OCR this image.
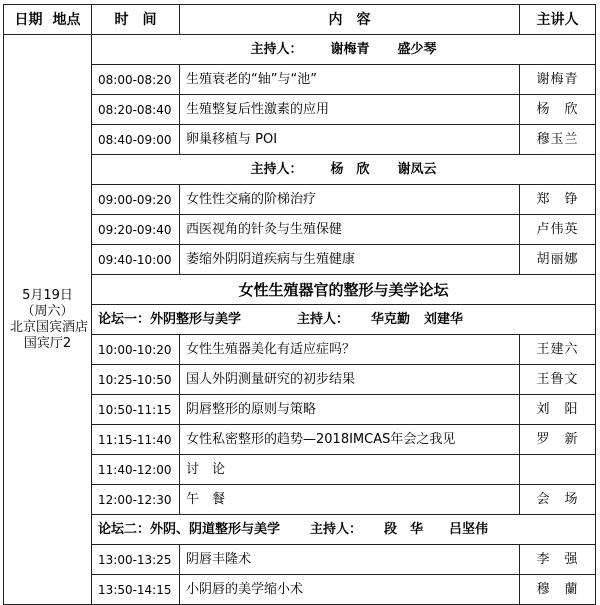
日期 地点	时　间	内　容	主讲人

5月19日
（周六）
北京国宾酒店
国宾厅2	主持人： 谢梅青 盛少琴		
	08:00-08:20	生殖衰老的“轴”与“池”	谢梅青
	08:20-08:40	生殖整复后性激素的应用	杨　欣
	08:40-09:00	卵巢移植与 POI	穆玉兰
	主持人： 杨　欣 谢凤云		
	09:00-09:20	女性性交痛的阶梯治疗	郑　铮
	09:20-09:40	西医视角的针灸与生殖保健	卢伟英
	09:40-10:00	萎缩外阴阴道疾病与生殖健康	胡丽娜
	女性生殖器官的整形与美学论坛		
	论坛一：外阴整形与美学 主持人： 华克勤 刘建华		
	10:00-10:20	女性生殖器美化有适应症吗？	王建六
	10:25-10:50	国人外阴测量研究的初步结果	王鲁文
	10:50-11:15	阴唇整形的原则与策略	刘　阳
	11:15-11:40	女性私密整形的趋势—2018IMCAS年会之我见	罗　新
	11:40-12:00	讨　论	
	12:00-12:30	午　餐	会　场
	论坛二：外阴、阴道整形与美学 主持人： 段　华 吕坚伟		
	13:00-13:25	阴唇丰隆术	李　强
	13:50-14:15	小阴唇的美学缩小术	穆　蘭
